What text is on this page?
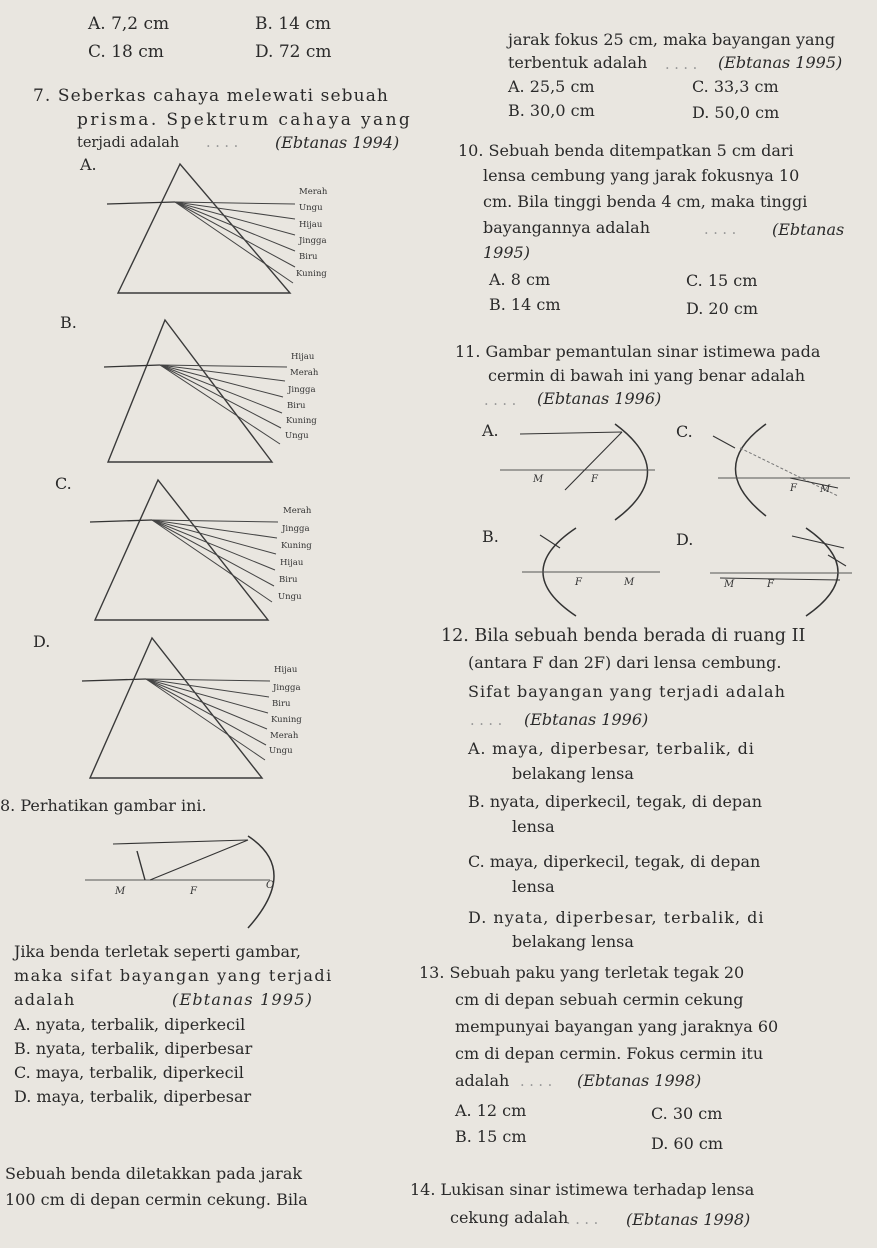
A. 7,2 cm	B. 14 cm
C. 18 cm	D. 72 cm
7. Seberkas cahaya melewati sebuah
prisma. Spektrum cahaya yang
terjadi adalah . . . . (Ebtanas 1994)
A.
B.
C.
D.
Merah
Ungu
Hijau
Jingga
Biru
Kuning
Hijau
Merah
Jingga
Biru
Kuning
Ungu
Merah
Jingga
Kuning
Hijau
Biru
Ungu
Hijau
Jingga
Biru
Kuning
Merah
Ungu
8. Perhatikan gambar ini.
M	F
O
Jika benda terletak seperti gambar,
maka sifat bayangan yang terjadi
adalah	(Ebtanas 1995)
A. nyata, terbalik, diperkecil
B. nyata, terbalik, diperbesar
C. maya, terbalik, diperkecil
D. maya, terbalik, diperbesar
Sebuah benda diletakkan pada jarak
100 cm di depan cermin cekung. Bila
jarak fokus 25 cm, maka bayangan yang
terbentuk adalah . . . . (Ebtanas 1995)
A. 25,5 cm	C. 33,3 cm
B. 30,0 cm	D. 50,0 cm
10. Sebuah benda ditempatkan 5 cm dari
lensa cembung yang jarak fokusnya 10
cm. Bila tinggi benda 4 cm, maka tinggi
bayangannya adalah	. . . . (Ebtanas
1995)
A. 8 cm	C. 15 cm
B. 14 cm	D. 20 cm
11. Gambar pemantulan sinar istimewa pada
cermin di bawah ini yang benar adalah
. . . . (Ebtanas 1996)
A.	C.
B.	D.
M	F
F M
F	M	M	F
12. Bila sebuah benda berada di ruang II
(antara F dan 2F) dari lensa cembung.
Sifat bayangan yang terjadi adalah
. . . . (Ebtanas 1996)
A. maya, diperbesar, terbalik, di
belakang lensa
B. nyata, diperkecil, tegak, di depan
lensa
C. maya, diperkecil, tegak, di depan
lensa
D. nyata, diperbesar, terbalik, di
belakang lensa
13. Sebuah paku yang terletak tegak 20
cm di depan sebuah cermin cekung
mempunyai bayangan yang jaraknya 60
cm di depan cermin. Fokus cermin itu
adalah . . . . (Ebtanas 1998)
A. 12 cm	C. 30 cm
B. 15 cm	D. 60 cm
14. Lukisan sinar istimewa terhadap lensa
cekung adalah
. . . . (Ebtanas 1998)
